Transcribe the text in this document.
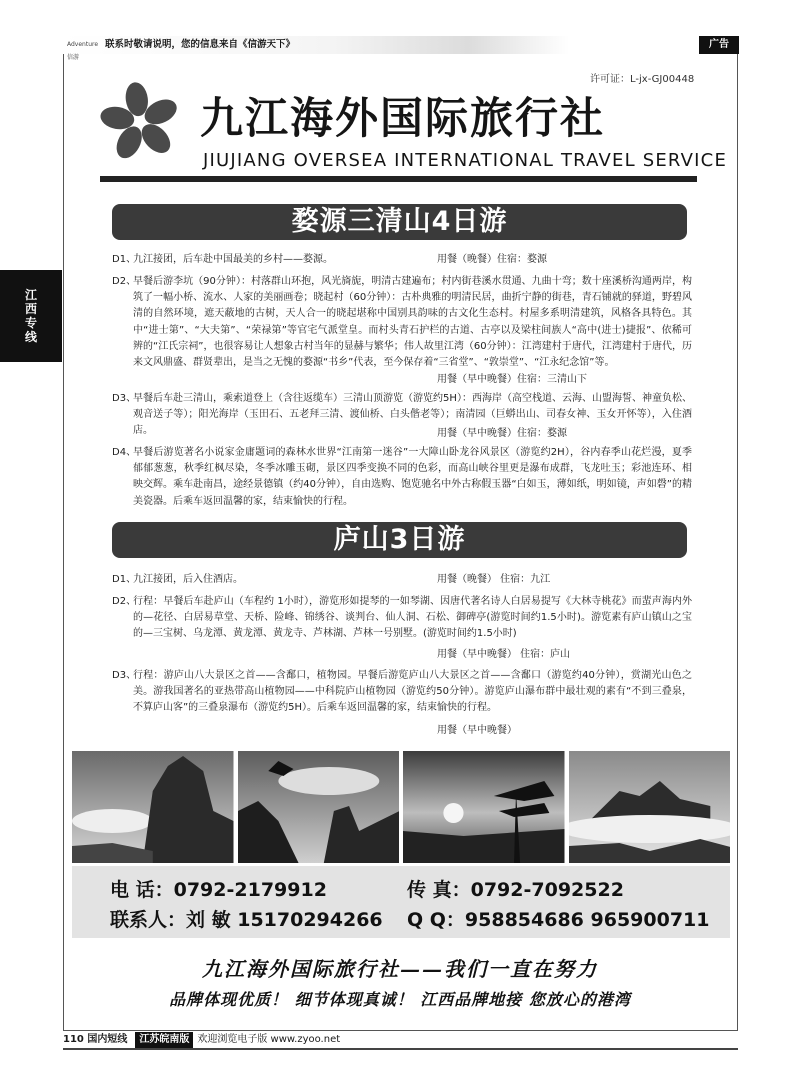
Adventure 信游
联系时敬请说明，您的信息来自《信游天下》	广告
江西专线
许可证：L-jx-GJ00448
九江海外国际旅行社
JIUJIANG OVERSEA INTERNATIONAL TRAVEL SERVICE
婺源三清山4日游
D1、
九江接团，后车赴中国最美的乡村——婺源。	用餐（晚餐）住宿：婺源
D2、
早餐后游李坑（90分钟）：村落群山环抱，风光旖旎，明清古建遍布；村内街巷溪水贯通、九曲十弯；数十座溪桥沟通两岸，构筑了一幅小桥、流水、人家的美丽画卷；晓起村（60分钟）：古朴典雅的明清民居，曲折宁静的街巷，青石铺就的驿道，野碧风清的自然环境，遮天蔽地的古树，天人合一的晓起堪称中国别具韵味的古文化生态村。村屋多系明清建筑，风格各具特色。其中“进士第”、“大夫第”、“荣禄第”等官宅气派堂皇。而村头青石护栏的古道、古亭以及梁柱间族人“高中(进士)捷报”、依稀可辨的“江氏宗祠”，也很容易让人想象古村当年的显赫与繁华；伟人故里江湾（60分钟）：江湾建村于唐代，江湾建村于唐代，历来文风鼎盛、群贤辈出，是当之无愧的婺源“书乡”代表，至今保存着“三省堂”、“敦崇堂”、“江永纪念馆”等。
用餐（早中晚餐）住宿：三清山下
D3、
早餐后车赴三清山，乘索道登上（含往返缆车）三清山顶游览（游览约5H）：西海岸（高空栈道、云海、山盟海誓、神童负松、观音送子等）；阳光海岸（玉田石、五老拜三清、渡仙桥、白头偕老等）；南清园（巨蟒出山、司春女神、玉女开怀等），入住酒店。	用餐（早中晚餐）住宿：婺源
D4、
早餐后游览著名小说家金庸题词的森林水世界“江南第一迷谷”一大障山卧龙谷风景区（游览约2H），谷内春季山花烂漫，夏季郁郁葱葱，秋季红枫尽染，冬季冰雕玉砌，景区四季变换不同的色彩，而高山峡谷里更是瀑布成群，飞龙吐玉；彩池连环、相映交辉。乘车赴南昌，途经景德镇（约40分钟），自由选购、饱览驰名中外古称假玉器“白如玉，薄如纸，明如镜，声如磬”的精美瓷器。后乘车返回温馨的家，结束愉快的行程。
庐山3日游
D1、
九江接团，后入住酒店。	用餐（晚餐） 住宿：九江
D2、
行程：早餐后车赴庐山（车程约 1小时），游览形如提琴的一如琴湖、因唐代著名诗人白居易提写《大林寺桃花》而蜚声海内外的—花径、白居易草堂、天桥、险峰、锦绣谷、谈判台、仙人洞、石松、御碑亭(游览时间约1.5小时)。游览素有庐山镇山之宝的—三宝树、乌龙潭、黄龙潭、黄龙寺、芦林湖、芦林一号别墅。(游览时间约1.5小时)
用餐（早中晚餐） 住宿：庐山
D3、
行程：游庐山八大景区之首——含鄱口，植物园。早餐后游览庐山八大景区之首——含鄱口（游览约40分钟），赏湖光山色之美。游我国著名的亚热带高山植物园——中科院庐山植物园（游览约50分钟）。游览庐山瀑布群中最壮观的素有“不到三叠泉，不算庐山客”的三叠泉瀑布（游览约5H）。后乘车返回温馨的家，结束愉快的行程。
用餐（早中晚餐）
电 话：0792-2179912	传 真：0792-7092522
联系人：刘 敏 15170294266 Q Q：958854686 965900711
九江海外国际旅行社——我们一直在努力
品牌体现优质！ 细节体现真诚！ 江西品牌地接 您放心的港湾
110 国内短线 江苏皖南版 欢迎浏览电子版 www.zyoo.net
